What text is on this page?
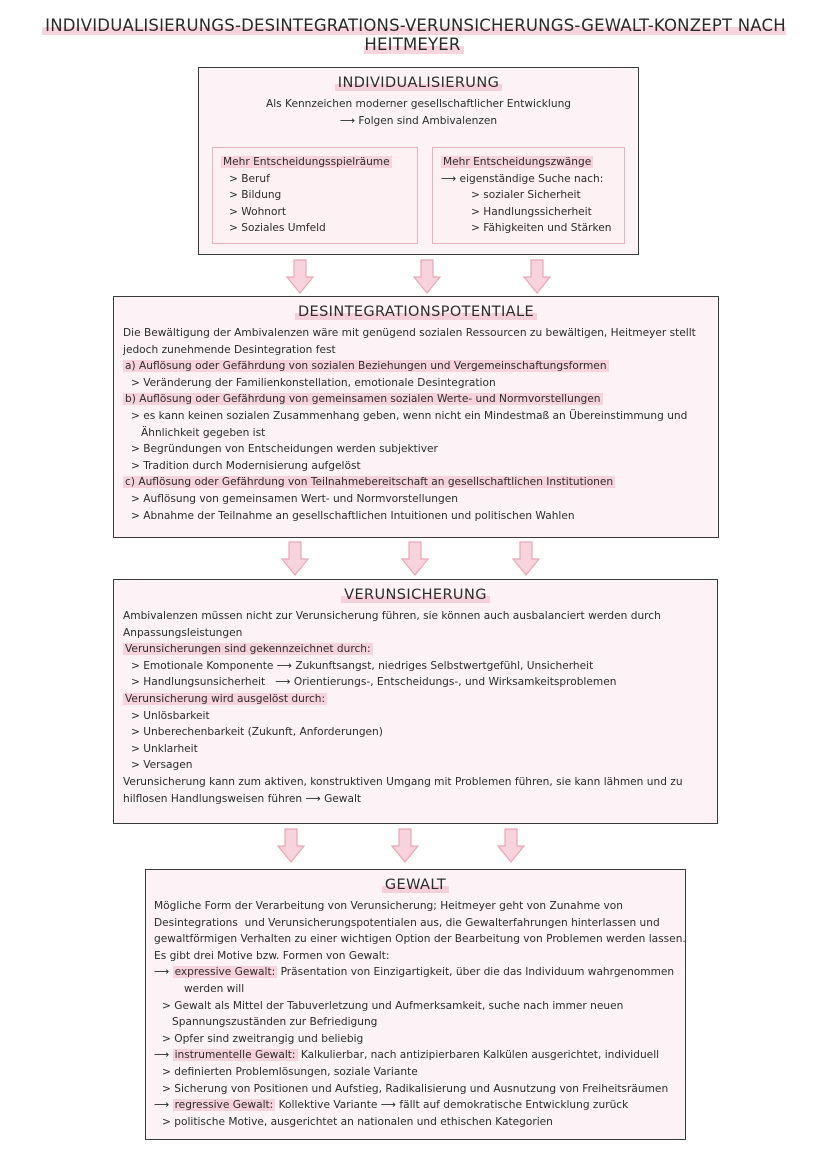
INDIVIDUALISIERUNGS-DESINTEGRATIONS-VERUNSICHERUNGS-GEWALT-KONZEPT NACH HEITMEYER
INDIVIDUALISIERUNG
Als Kennzeichen moderner gesellschaftlicher Entwicklung
⟶ Folgen sind Ambivalenzen
Mehr Entscheidungsspielräume
> Beruf
> Bildung
> Wohnort
> Soziales Umfeld
Mehr Entscheidungszwänge
⟶ eigenständige Suche nach:
> sozialer Sicherheit
> Handlungssicherheit
> Fähigkeiten und Stärken
DESINTEGRATIONSPOTENTIALE
Die Bewältigung der Ambivalenzen wäre mit genügend sozialen Ressourcen zu bewältigen, Heitmeyer stellt
jedoch zunehmende Desintegration fest
a) Auflösung oder Gefährdung von sozialen Beziehungen und Vergemeinschaftungsformen
> Veränderung der Familienkonstellation, emotionale Desintegration
b) Auflösung oder Gefährdung von gemeinsamen sozialen Werte- und Normvorstellungen
> es kann keinen sozialen Zusammenhang geben, wenn nicht ein Mindestmaß an Übereinstimmung und
Ähnlichkeit gegeben ist
> Begründungen von Entscheidungen werden subjektiver
> Tradition durch Modernisierung aufgelöst
c) Auflösung oder Gefährdung von Teilnahmebereitschaft an gesellschaftlichen Institutionen
> Auflösung von gemeinsamen Wert- und Normvorstellungen
> Abnahme der Teilnahme an gesellschaftlichen Intuitionen und politischen Wahlen
VERUNSICHERUNG
Ambivalenzen müssen nicht zur Verunsicherung führen, sie können auch ausbalanciert werden durch
Anpassungsleistungen
Verunsicherungen sind gekennzeichnet durch:
> Emotionale Komponente ⟶ Zukunftsangst, niedriges Selbstwertgefühl, Unsicherheit
> Handlungsunsicherheit   ⟶ Orientierungs-, Entscheidungs-, und Wirksamkeitsproblemen
Verunsicherung wird ausgelöst durch:
> Unlösbarkeit
> Unberechenbarkeit (Zukunft, Anforderungen)
> Unklarheit
> Versagen
Verunsicherung kann zum aktiven, konstruktiven Umgang mit Problemen führen, sie kann lähmen und zu
hilflosen Handlungsweisen führen ⟶ Gewalt
GEWALT
Mögliche Form der Verarbeitung von Verunsicherung; Heitmeyer geht von Zunahme von
Desintegrations  und Verunsicherungspotentialen aus, die Gewalterfahrungen hinterlassen und
gewaltförmigen Verhalten zu einer wichtigen Option der Bearbeitung von Problemen werden lassen.
Es gibt drei Motive bzw. Formen von Gewalt:
⟶ expressive Gewalt: Präsentation von Einzigartigkeit, über die das Individuum wahrgenommen
werden will
> Gewalt als Mittel der Tabuverletzung und Aufmerksamkeit, suche nach immer neuen
Spannungszuständen zur Befriedigung
> Opfer sind zweitrangig und beliebig
⟶ instrumentelle Gewalt: Kalkulierbar, nach antizipierbaren Kalkülen ausgerichtet, individuell
> definierten Problemlösungen, soziale Variante
> Sicherung von Positionen und Aufstieg, Radikalisierung und Ausnutzung von Freiheitsräumen
⟶ regressive Gewalt: Kollektive Variante ⟶ fällt auf demokratische Entwicklung zurück
> politische Motive, ausgerichtet an nationalen und ethischen Kategorien
